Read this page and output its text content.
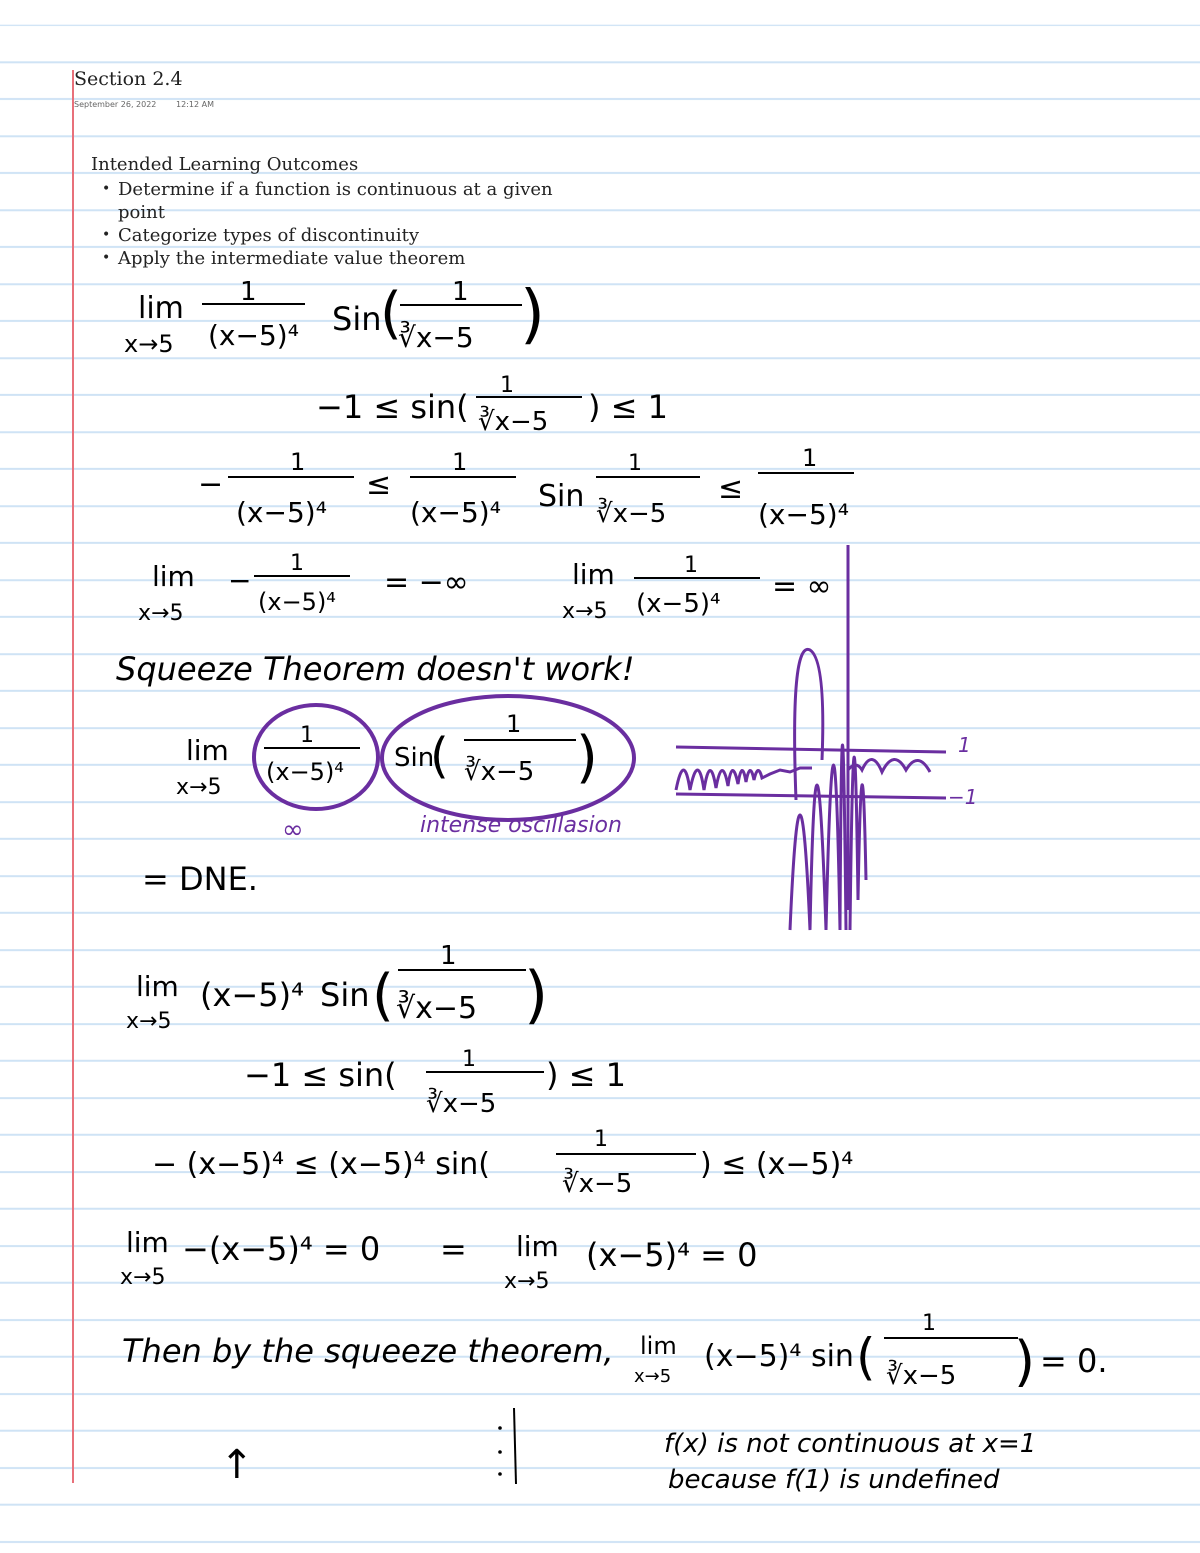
Section 2.4
September 26, 2022 12:12 AM
Intended Learning Outcomes
• Determine if a function is continuous at a given point
• Categorize types of discontinuity
• Apply the intermediate value theorem
lim
x→5
1
(x−5)⁴ Sin
( 1
∛x−5 )
−1 ≤ sin(
1
∛x−5 ) ≤ 1
−
1
(x−5)⁴
≤
1
(x−5)⁴ Sin
1
∛x−5
≤
1
(x−5)⁴
lim
x→5
−
1
(x−5)⁴
= −∞	lim
x→5
1
(x−5)⁴ = ∞
Squeeze Theorem doesn't work!
lim
x→5
1
(x−5)⁴ Sin
(
1
∛x−5 )
∞	intense oscillasion
= DNE.
1
−1
lim
x→5
(x−5)⁴ Sin (
1
∛x−5 )
−1 ≤ sin(	1
∛x−5
) ≤ 1
− (x−5)⁴ ≤ (x−5)⁴ sin(
1
∛x−5
) ≤ (x−5)⁴
lim
x→5
−(x−5)⁴ = 0 = lim
x→5
(x−5)⁴ = 0
Then by the squeeze theorem, lim
x→5
(x−5)⁴ sin (
1
∛x−5 ) = 0.
↑	f(x) is not continuous at x=1
because f(1) is undefined
